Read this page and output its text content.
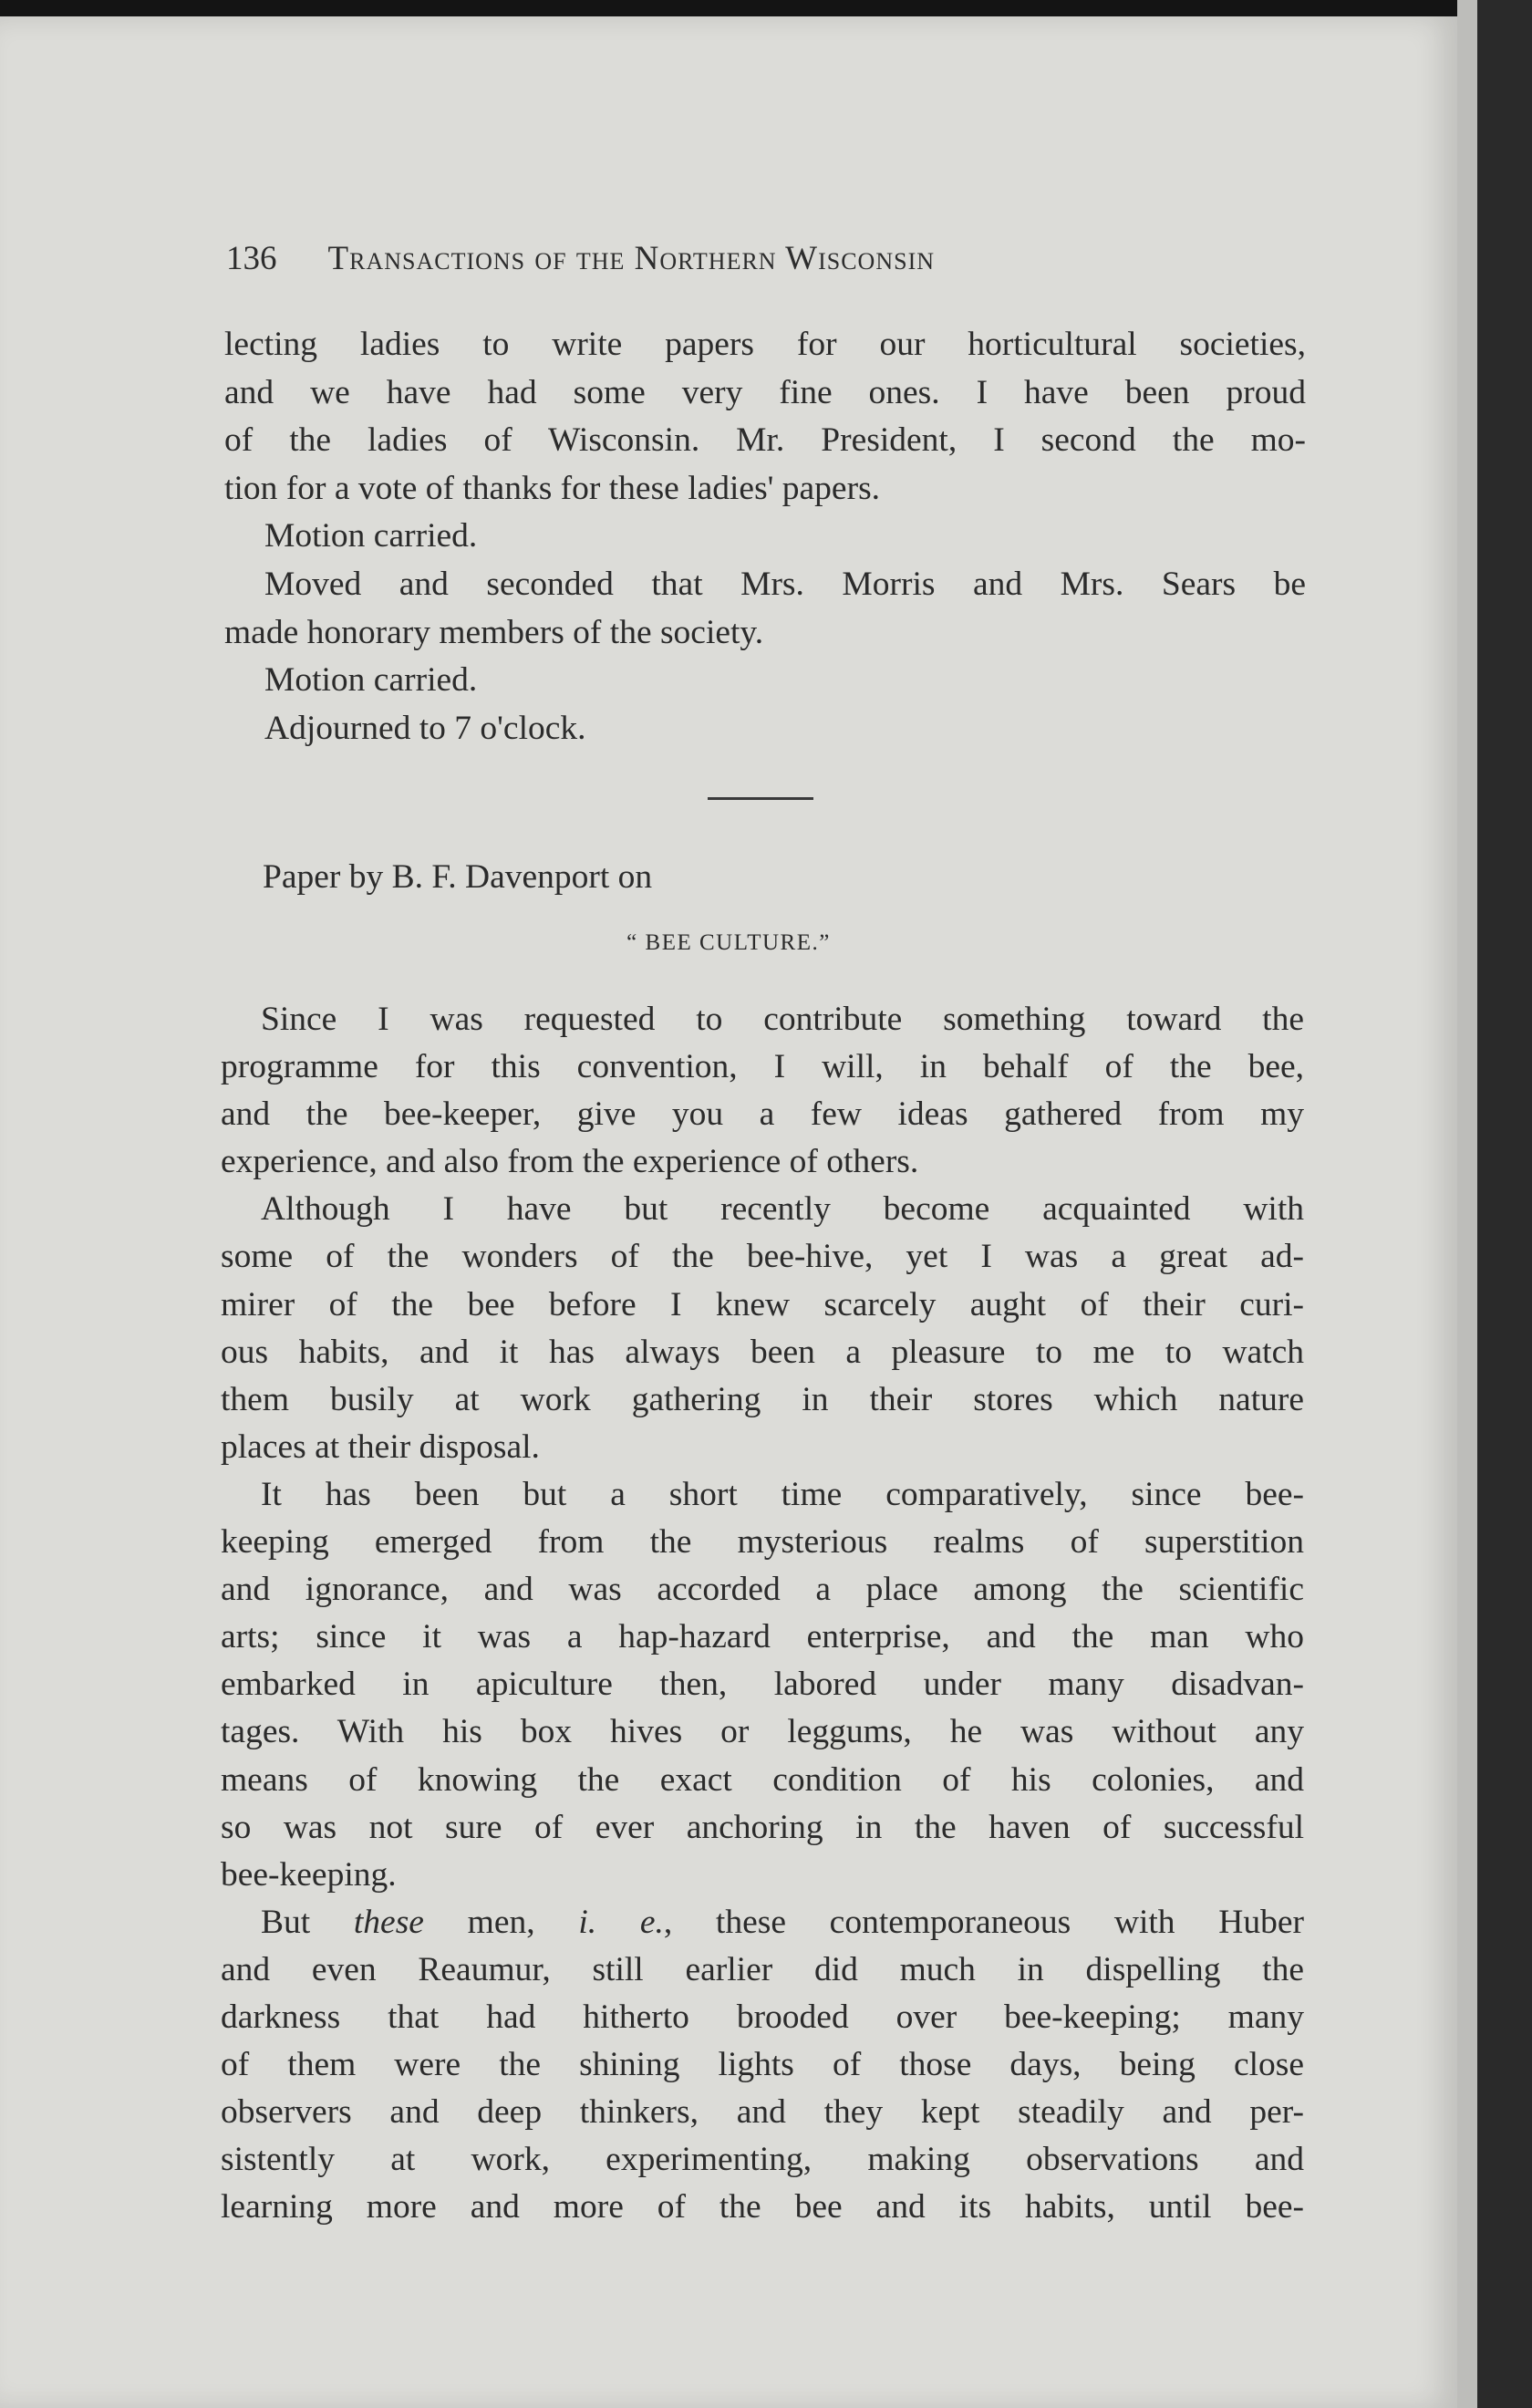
136 Transactions of the Northern Wisconsin
lecting ladies to write papers for our horticultural societies,
and we have had some very fine ones. I have been proud
of the ladies of Wisconsin. Mr. President, I second the mo-
tion for a vote of thanks for these ladies' papers.
Motion carried.
Moved and seconded that Mrs. Morris and Mrs. Sears be
made honorary members of the society.
Motion carried.
Adjourned to 7 o'clock.
Paper by B. F. Davenport on
“ BEE CULTURE.”
Since I was requested to contribute something toward the
programme for this convention, I will, in behalf of the bee,
and the bee-keeper, give you a few ideas gathered from my
experience, and also from the experience of others.
Although I have but recently become acquainted with
some of the wonders of the bee-hive, yet I was a great ad-
mirer of the bee before I knew scarcely aught of their curi-
ous habits, and it has always been a pleasure to me to watch
them busily at work gathering in their stores which nature
places at their disposal.
It has been but a short time comparatively, since bee-
keeping emerged from the mysterious realms of superstition
and ignorance, and was accorded a place among the scientific
arts; since it was a hap-hazard enterprise, and the man who
embarked in apiculture then, labored under many disadvan-
tages. With his box hives or leggums, he was without any
means of knowing the exact condition of his colonies, and
so was not sure of ever anchoring in the haven of successful
bee-keeping.
But these men, i. e., these contemporaneous with Huber
and even Reaumur, still earlier did much in dispelling the
darkness that had hitherto brooded over bee-keeping; many
of them were the shining lights of those days, being close
observers and deep thinkers, and they kept steadily and per-
sistently at work, experimenting, making observations and
learning more and more of the bee and its habits, until bee-
